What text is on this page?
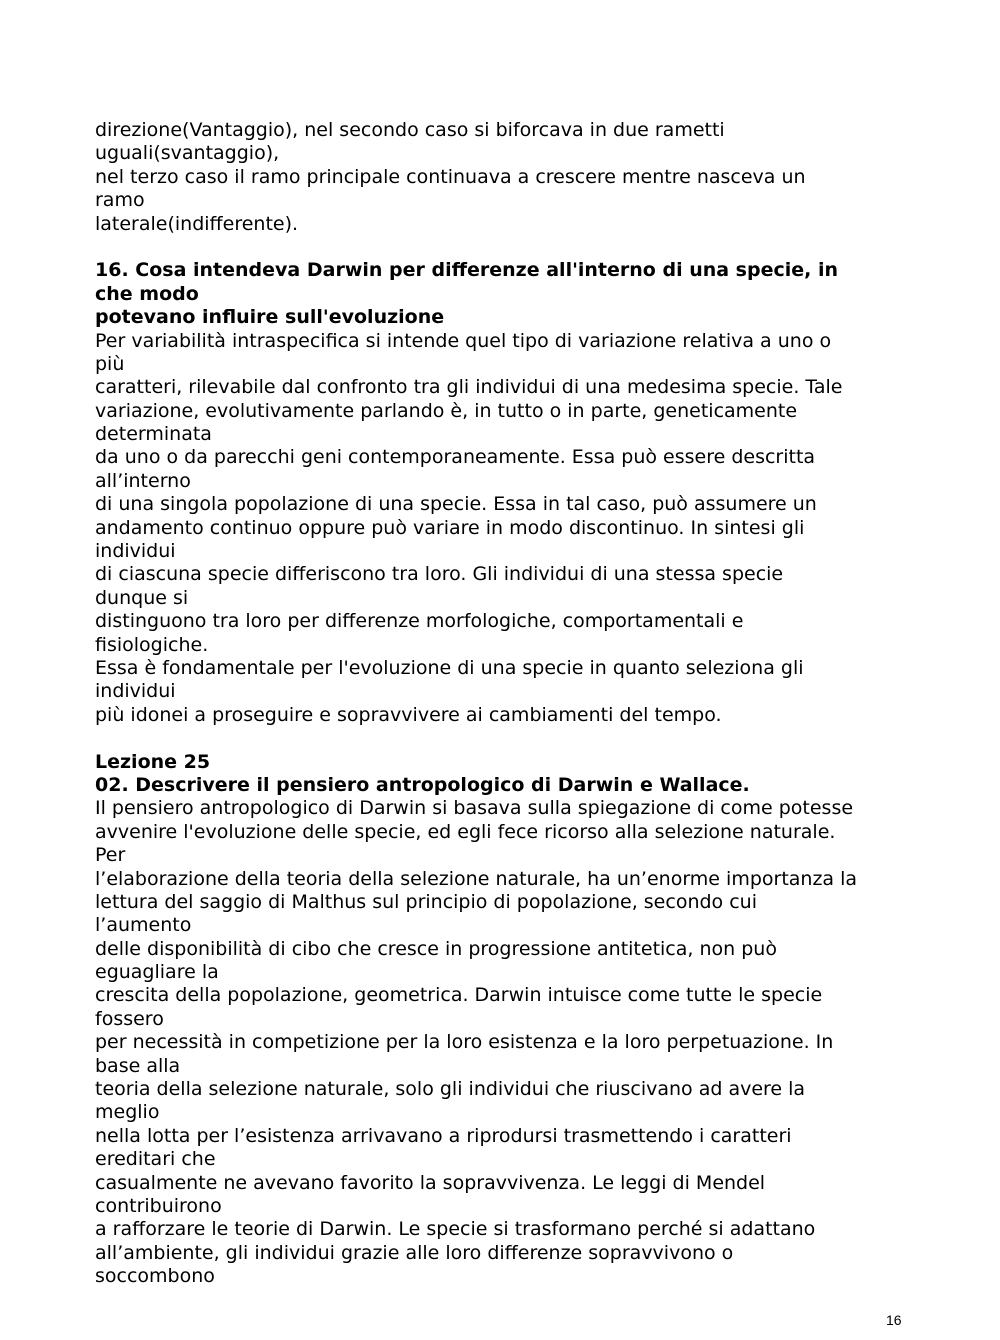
direzione(Vantaggio), nel secondo caso si biforcava in due rametti
uguali(svantaggio),
nel terzo caso il ramo principale continuava a crescere mentre nasceva un
ramo
laterale(indifferente).
16. Cosa intendeva Darwin per differenze all'interno di una specie, in
che modo
potevano influire sull'evoluzione
Per variabilità intraspecifica si intende quel tipo di variazione relativa a uno o
più
caratteri, rilevabile dal confronto tra gli individui di una medesima specie. Tale
variazione, evolutivamente parlando è, in tutto o in parte, geneticamente
determinata
da uno o da parecchi geni contemporaneamente. Essa può essere descritta
all’interno
di una singola popolazione di una specie. Essa in tal caso, può assumere un
andamento continuo oppure può variare in modo discontinuo. In sintesi gli
individui
di ciascuna specie differiscono tra loro. Gli individui di una stessa specie
dunque si
distinguono tra loro per differenze morfologiche, comportamentali e
fisiologiche.
Essa è fondamentale per l'evoluzione di una specie in quanto seleziona gli
individui
più idonei a proseguire e sopravvivere ai cambiamenti del tempo.
Lezione 25
02. Descrivere il pensiero antropologico di Darwin e Wallace.
Il pensiero antropologico di Darwin si basava sulla spiegazione di come potesse
avvenire l'evoluzione delle specie, ed egli fece ricorso alla selezione naturale.
Per
l’elaborazione della teoria della selezione naturale, ha un’enorme importanza la
lettura del saggio di Malthus sul principio di popolazione, secondo cui
l’aumento
delle disponibilità di cibo che cresce in progressione antitetica, non può
eguagliare la
crescita della popolazione, geometrica. Darwin intuisce come tutte le specie
fossero
per necessità in competizione per la loro esistenza e la loro perpetuazione. In
base alla
teoria della selezione naturale, solo gli individui che riuscivano ad avere la
meglio
nella lotta per l’esistenza arrivavano a riprodursi trasmettendo i caratteri
ereditari che
casualmente ne avevano favorito la sopravvivenza. Le leggi di Mendel
contribuirono
a rafforzare le teorie di Darwin. Le specie si trasformano perché si adattano
all’ambiente, gli individui grazie alle loro differenze sopravvivono o
soccombono
16
